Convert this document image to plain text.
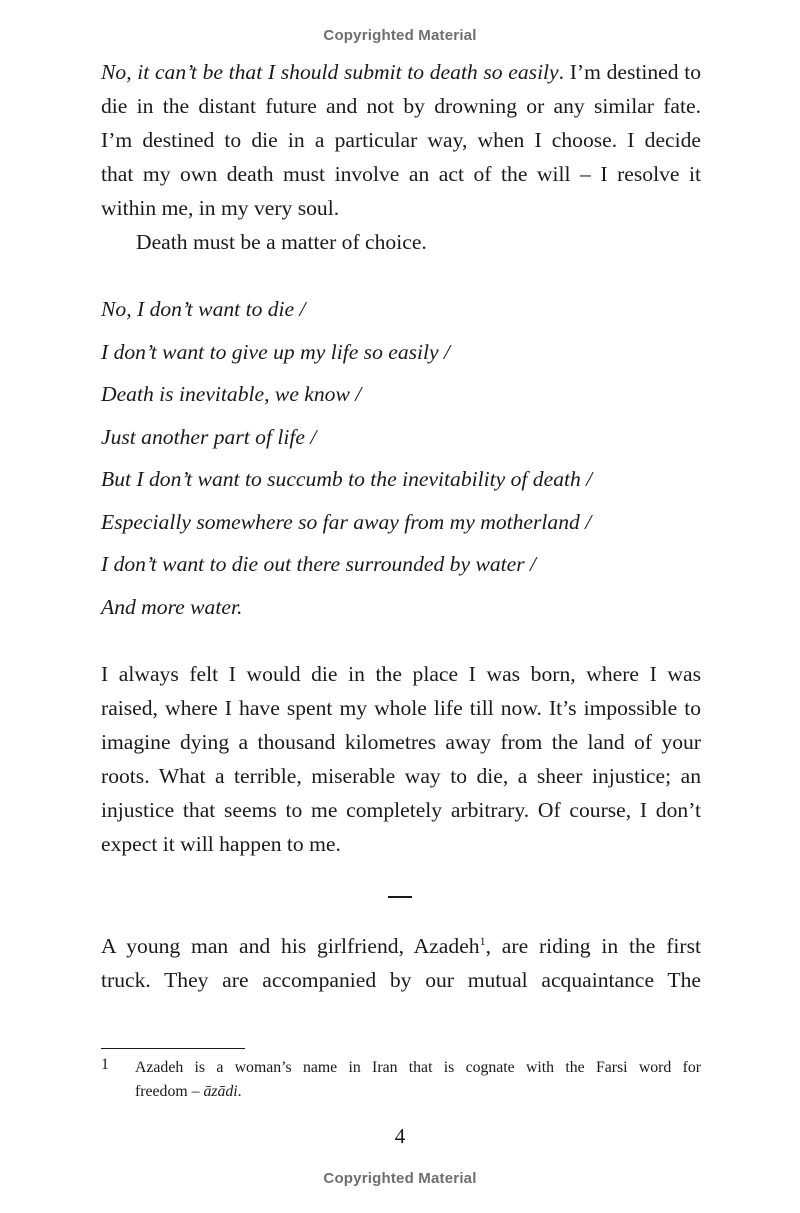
Copyrighted Material
No, it can’t be that I should submit to death so easily. I’m destined to
die in the distant future and not by drowning or any similar fate.
I’m destined to die in a particular way, when I choose. I decide
that my own death must involve an act of the will – I resolve it
within me, in my very soul.
Death must be a matter of choice.
No, I don’t want to die /
I don’t want to give up my life so easily /
Death is inevitable, we know /
Just another part of life /
But I don’t want to succumb to the inevitability of death /
Especially somewhere so far away from my motherland /
I don’t want to die out there surrounded by water /
And more water.
I always felt I would die in the place I was born, where I was
raised, where I have spent my whole life till now. It’s impossible to
imagine dying a thousand kilometres away from the land of your
roots. What a terrible, miserable way to die, a sheer injustice; an
injustice that seems to me completely arbitrary. Of course, I don’t
expect it will happen to me.
A young man and his girlfriend, Azadeh$^1$, are riding in the first
truck. They are accompanied by our mutual acquaintance The
1 Azadeh is a woman’s name in Iran that is cognate with the Farsi word for
freedom – āzādi.
4
Copyrighted Material
